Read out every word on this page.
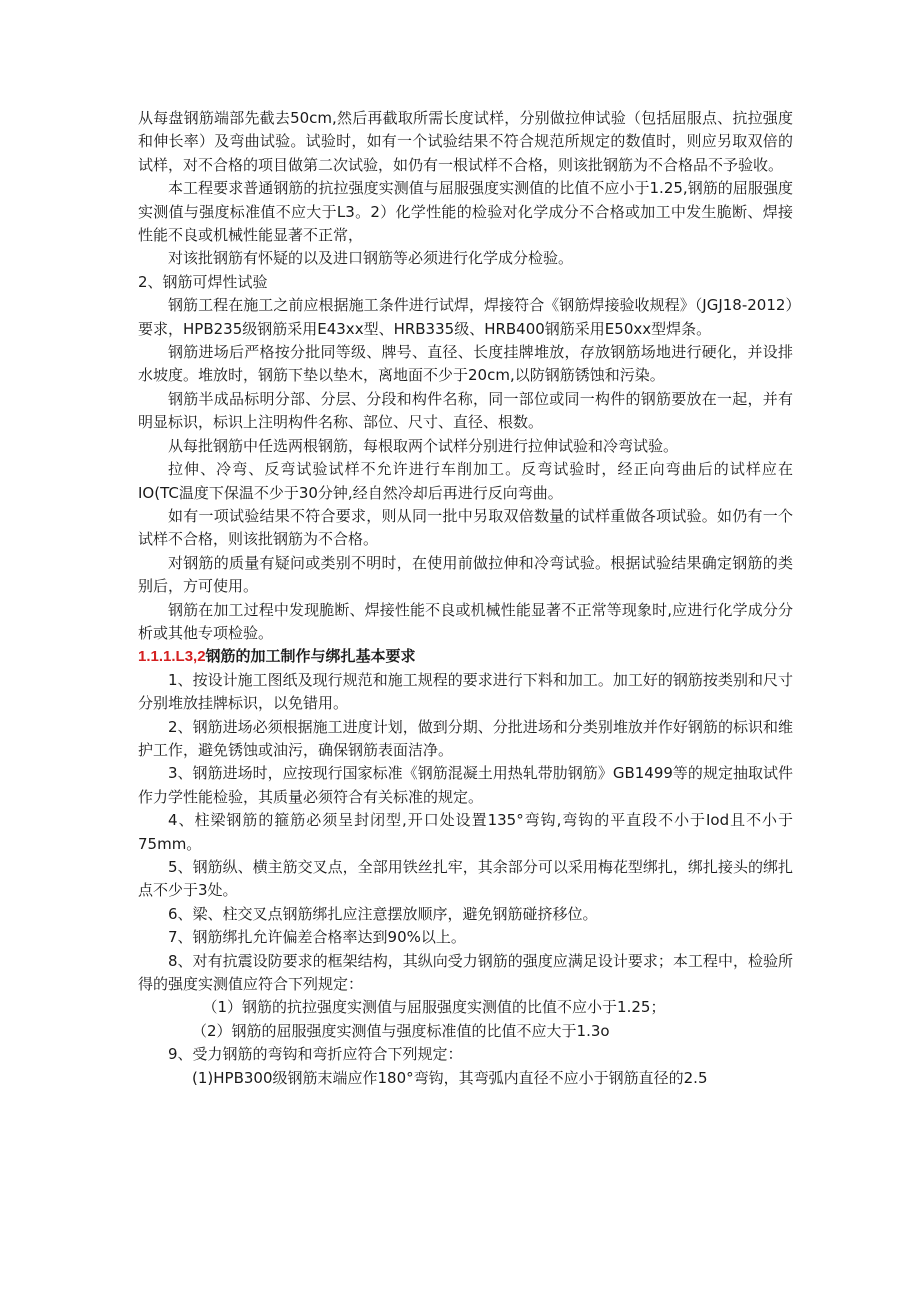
从每盘钢筋端部先截去50cm,然后再截取所需长度试样，分别做拉伸试验（包括屈服点、抗拉强度和伸长率）及弯曲试验。试验时，如有一个试验结果不符合规范所规定的数值时，则应另取双倍的试样，对不合格的项目做第二次试验，如仍有一根试样不合格，则该批钢筋为不合格品不予验收。

本工程要求普通钢筋的抗拉强度实测值与屈服强度实测值的比值不应小于1.25,钢筋的屈服强度实测值与强度标准值不应大于L3。2）化学性能的检验对化学成分不合格或加工中发生脆断、焊接性能不良或机械性能显著不正常，

对该批钢筋有怀疑的以及进口钢筋等必须进行化学成分检验。

2、钢筋可焊性试验

钢筋工程在施工之前应根据施工条件进行试焊，焊接符合《钢筋焊接验收规程》（JGJ18-2012）要求，HPB235级钢筋采用E43xx型、HRB335级、HRB400钢筋采用E50xx型焊条。

钢筋进场后严格按分批同等级、牌号、直径、长度挂牌堆放，存放钢筋场地进行硬化，并设排水坡度。堆放时，钢筋下垫以垫木，离地面不少于20cm,以防钢筋锈蚀和污染。

钢筋半成品标明分部、分层、分段和构件名称，同一部位或同一构件的钢筋要放在一起，并有明显标识，标识上注明构件名称、部位、尺寸、直径、根数。

从每批钢筋中任选两根钢筋，每根取两个试样分别进行拉伸试验和冷弯试验。

拉伸、冷弯、反弯试验试样不允许进行车削加工。反弯试验时，经正向弯曲后的试样应在IO(TC温度下保温不少于30分钟,经自然冷却后再进行反向弯曲。

如有一项试验结果不符合要求，则从同一批中另取双倍数量的试样重做各项试验。如仍有一个试样不合格，则该批钢筋为不合格。

对钢筋的质量有疑问或类别不明时，在使用前做拉伸和冷弯试验。根据试验结果确定钢筋的类别后，方可使用。

钢筋在加工过程中发现脆断、焊接性能不良或机械性能显著不正常等现象时,应进行化学成分分析或其他专项检验。

1.1.1.L3,2钢筋的加工制作与绑扎基本要求

1、按设计施工图纸及现行规范和施工规程的要求进行下料和加工。加工好的钢筋按类别和尺寸分别堆放挂牌标识，以免错用。

2、钢筋进场必须根据施工进度计划，做到分期、分批进场和分类别堆放并作好钢筋的标识和维护工作，避免锈蚀或油污，确保钢筋表面洁净。

3、钢筋进场时，应按现行国家标准《钢筋混凝土用热轧带肋钢筋》GB1499等的规定抽取试件作力学性能检验，其质量必须符合有关标准的规定。

4、柱梁钢筋的箍筋必须呈封闭型,开口处设置135°弯钩,弯钩的平直段不小于Iod且不小于75mm。

5、钢筋纵、横主筋交叉点，全部用铁丝扎牢，其余部分可以采用梅花型绑扎，绑扎接头的绑扎点不少于3处。

6、梁、柱交叉点钢筋绑扎应注意摆放顺序，避免钢筋碰挤移位。

7、钢筋绑扎允许偏差合格率达到90%以上。

8、对有抗震设防要求的框架结构，其纵向受力钢筋的强度应满足设计要求；本工程中，检验所得的强度实测值应符合下列规定：

（1）钢筋的抗拉强度实测值与屈服强度实测值的比值不应小于1.25；

（2）钢筋的屈服强度实测值与强度标准值的比值不应大于1.3o

9、受力钢筋的弯钩和弯折应符合下列规定：

(1)HPB300级钢筋末端应作180°弯钩，其弯弧内直径不应小于钢筋直径的2.5
